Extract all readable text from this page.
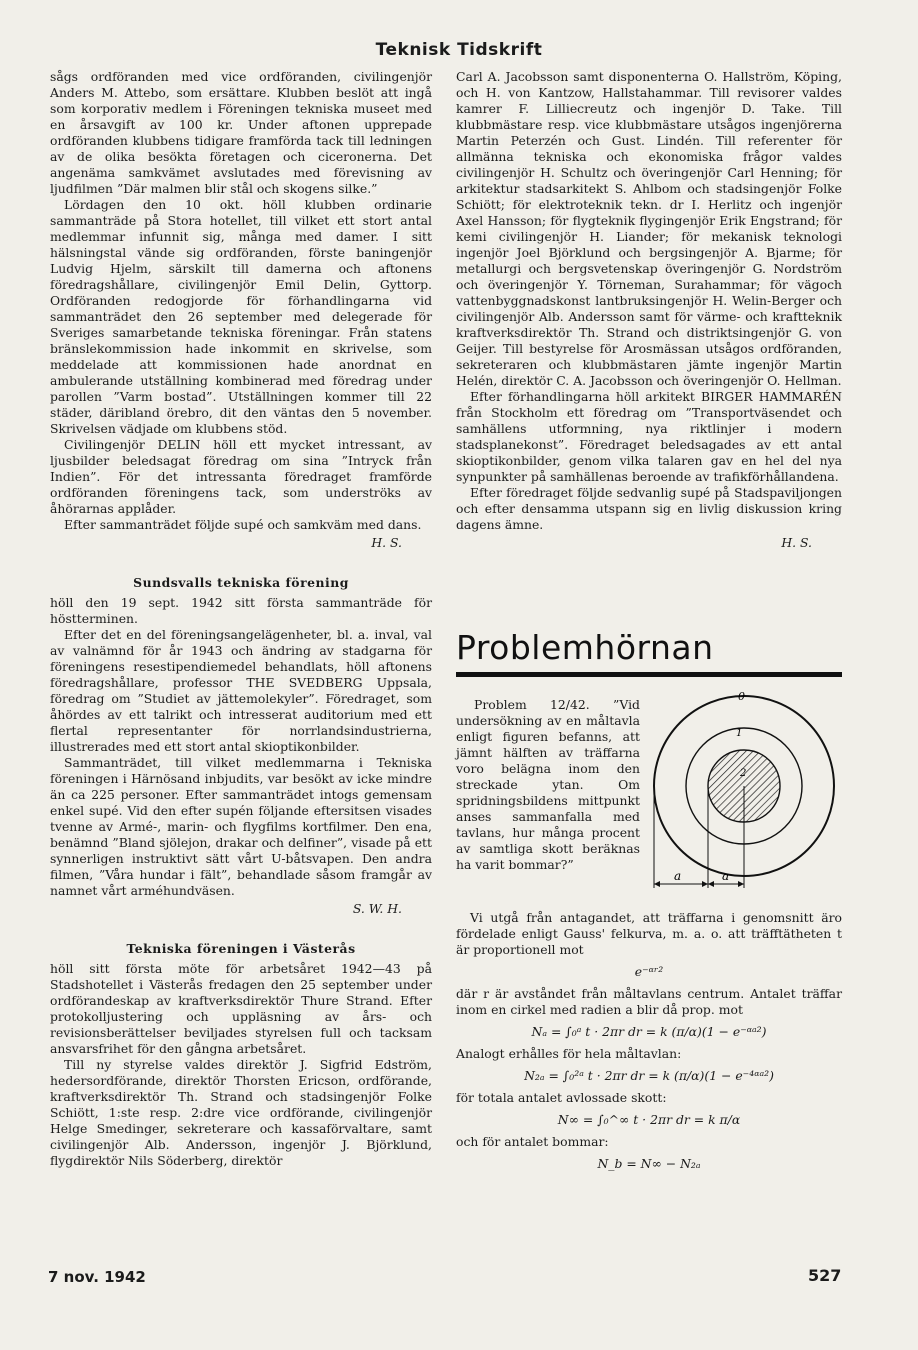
Teknisk Tidskrift

sågs ordföranden med vice ordföranden, civilingenjör Anders M. Attebo, som ersättare. Klubben beslöt att ingå som korporativ medlem i Föreningen tekniska museet med en årsavgift av 100 kr. Under aftonen upprepade ordföranden klubbens tidigare framförda tack till ledningen av de olika besökta företagen och ciceronerna. Det angenäma samkvämet avslutades med förevisning av ljudfilmen ”Där malmen blir stål och skogens silke.”

Lördagen den 10 okt. höll klubben ordinarie sammanträde på Stora hotellet, till vilket ett stort antal medlemmar infunnit sig, många med damer. I sitt hälsningstal vände sig ordföranden, förste baningenjör Ludvig Hjelm, särskilt till damerna och aftonens föredragshållare, civilingenjör Emil Delin, Gyttorp. Ordföranden redogjorde för förhandlingarna vid sammanträdet den 26 september med delegerade för Sveriges samarbetande tekniska föreningar. Från statens bränslekommission hade inkommit en skrivelse, som meddelade att kommissionen hade anordnat en ambulerande utställning kombinerad med föredrag under parollen ”Varm bostad”. Utställningen kommer till 22 städer, däribland örebro, dit den väntas den 5 november. Skrivelsen vädjade om klubbens stöd.

Civilingenjör DELIN höll ett mycket intressant, av ljusbilder beledsagat föredrag om sina ”Intryck från Indien”. För det intressanta föredraget framförde ordföranden föreningens tack, som underströks av åhörarnas applåder.

Efter sammanträdet följde supé och samkväm med dans.

H. S.
Sundsvalls tekniska förening

höll den 19 sept. 1942 sitt första sammanträde för höstterminen.

Efter det en del föreningsangelägenheter, bl. a. inval, val av valnämnd för år 1943 och ändring av stadgarna för föreningens resestipendiemedel behandlats, höll aftonens föredragshållare, professor THE SVEDBERG Uppsala, föredrag om ”Studiet av jättemolekyler”. Föredraget, som åhördes av ett talrikt och intresserat auditorium med ett flertal representanter för norrlandsindustrierna, illustrerades med ett stort antal skioptikonbilder.

Sammanträdet, till vilket medlemmarna i Tekniska föreningen i Härnösand inbjudits, var besökt av icke mindre än ca 225 personer. Efter sammanträdet intogs gemensam enkel supé. Vid den efter supén följande eftersitsen visades tvenne av Armé-, marin- och flygfilms kortfilmer. Den ena, benämnd ”Bland sjölejon, drakar och delfiner”, visade på ett synnerligen instruktivt sätt vårt U-båtsvapen. Den andra filmen, ”Våra hundar i fält”, behandlade såsom framgår av namnet vårt arméhundväsen.

S. W. H.
Tekniska föreningen i Västerås

höll sitt första möte för arbetsåret 1942—43 på Stadshotellet i Västerås fredagen den 25 september under ordförandeskap av kraftverksdirektör Thure Strand. Efter protokolljustering och uppläsning av års- och revisionsberättelser beviljades styrelsen full och tacksam ansvarsfrihet för den gångna arbetsåret.

Till ny styrelse valdes direktör J. Sigfrid Edström, hedersordförande, direktör Thorsten Ericson, ordförande, kraftverksdirektör Th. Strand och stadsingenjör Folke Schiött, 1:ste resp. 2:dre vice ordförande, civilingenjör Helge Smedinger, sekreterare och kassaförvaltare, samt civilingenjör Alb. Andersson, ingenjör J. Björklund, flygdirektör Nils Söderberg, direktör

Carl A. Jacobsson samt disponenterna O. Hallström, Köping, och H. von Kantzow, Hallstahammar. Till revisorer valdes kamrer F. Lilliecreutz och ingenjör D. Take. Till klubbmästare resp. vice klubbmästare utsågos ingenjörerna Martin Peterzén och Gust. Lindén. Till referenter för allmänna tekniska och ekonomiska frågor valdes civilingenjör H. Schultz och överingenjör Carl Henning; för arkitektur stadsarkitekt S. Ahlbom och stadsingenjör Folke Schiött; för elektroteknik tekn. dr I. Herlitz och ingenjör Axel Hansson; för flygteknik flygingenjör Erik Engstrand; för kemi civilingenjör H. Liander; för mekanisk teknologi ingenjör Joel Björklund och bergsingenjör A. Bjarme; för metallurgi och bergsvetenskap överingenjör G. Nordström och överingenjör Y. Törneman, Surahammar; för vägoch vattenbyggnadskonst lantbruksingenjör H. Welin-Berger och civilingenjör Alb. Andersson samt för värme- och kraftteknik kraftverksdirektör Th. Strand och distriktsingenjör G. von Geijer. Till bestyrelse för Arosmässan utsågos ordföranden, sekreteraren och klubbmästaren jämte ingenjör Martin Helén, direktör C. A. Jacobsson och överingenjör O. Hellman.

Efter förhandlingarna höll arkitekt BIRGER HAMMARÉN från Stockholm ett föredrag om ”Transportväsendet och samhällens utformning, nya riktlinjer i modern stadsplanekonst”. Föredraget beledsagades av ett antal skioptikonbilder, genom vilka talaren gav en hel del nya synpunkter på samhällenas beroende av trafikförhållandena.

Efter föredraget följde sedvanlig supé på Stadspaviljongen och efter densamma utspann sig en livlig diskussion kring dagens ämne.

H. S.
Problemhörnan

Problem 12/42. ”Vid undersökning av en måltavla enligt figuren befanns, att jämnt hälften av träffarna voro belägna inom den streckade ytan. Om spridningsbildens mittpunkt anses sammanfalla med tavlans, hur många procent av samtliga skott beräknas ha varit bommar?”

0
1
2
a	a

Vi utgå från antagandet, att träffarna i genomsnitt äro fördelade enligt Gauss' felkurva, m. a. o. att träfftätheten t är proportionell mot

e⁻ᵅʳ²

där r är avståndet från måltavlans centrum. Antalet träffar inom en cirkel med radien a blir då prop. mot

Nₐ = ∫₀ᵃ t · 2πr dr = k (π/α)(1 − e⁻ᵅᵃ²)

Analogt erhålles för hela måltavlan:

N₂ₐ = ∫₀²ᵃ t · 2πr dr = k (π/α)(1 − e⁻⁴ᵅᵃ²)

för totala antalet avlossade skott:

N∞ = ∫₀^∞ t · 2πr dr = k π/α

och för antalet bommar:

N_b = N∞ − N₂ₐ
7 nov. 1942	527
